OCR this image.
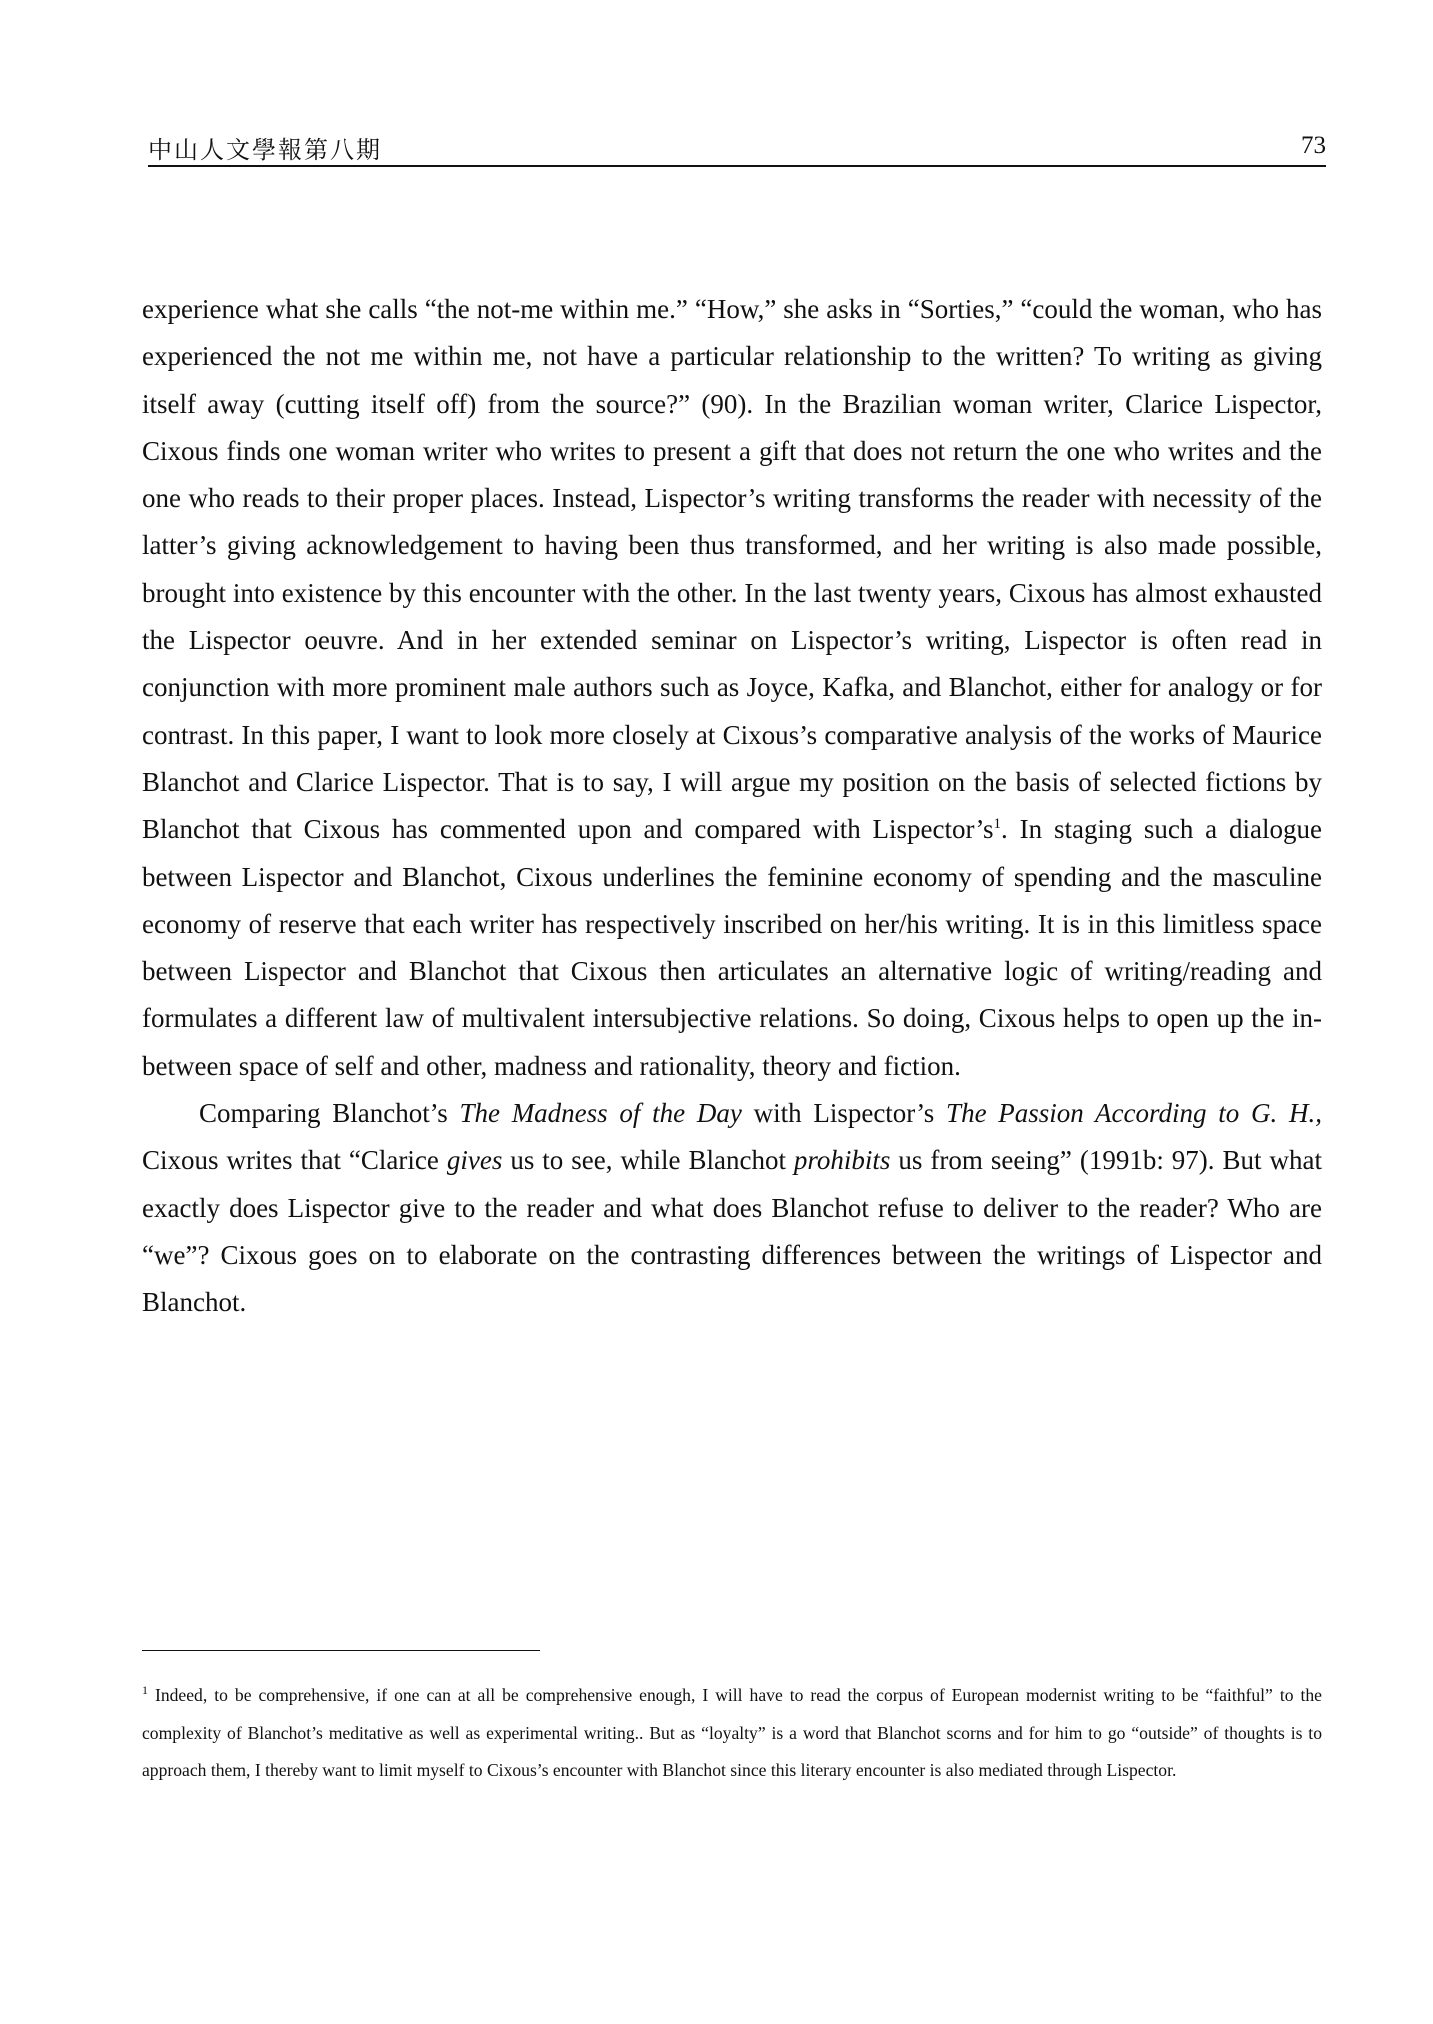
中山人文學報第八期	73

experience what she calls “the not-me within me.” “How,” she asks in “Sorties,” “could the woman, who has experienced the not me within me, not have a particular relationship to the written? To writing as giving itself away (cutting itself off) from the source?” (90). In the Brazilian woman writer, Clarice Lispector, Cixous finds one woman writer who writes to present a gift that does not return the one who writes and the one who reads to their proper places. Instead, Lispector’s writing transforms the reader with necessity of the latter’s giving acknowledgement to having been thus transformed, and her writing is also made possible, brought into existence by this encounter with the other. In the last twenty years, Cixous has almost exhausted the Lispector oeuvre. And in her extended seminar on Lispector’s writing, Lispector is often read in conjunction with more prominent male authors such as Joyce, Kafka, and Blanchot, either for analogy or for contrast. In this paper, I want to look more closely at Cixous’s comparative analysis of the works of Maurice Blanchot and Clarice Lispector. That is to say, I will argue my position on the basis of selected fictions by Blanchot that Cixous has commented upon and compared with $Lispector’s^1$. In staging such a dialogue between Lispector and Blanchot, Cixous underlines the feminine economy of spending and the masculine economy of reserve that each writer has respectively inscribed on her/his writing. It is in this limitless space between Lispector and Blanchot that Cixous then articulates an alternative logic of writing/reading and formulates a different law of multivalent intersubjective relations. So doing, Cixous helps to open up the in-between space of self and other, madness and rationality, theory and fiction.

Comparing Blanchot’s The Madness of the Day with Lispector’s The Passion According to G. H., Cixous writes that “Clarice gives us to see, while Blanchot prohibits us from seeing” (1991b: 97). But what exactly does Lispector give to the reader and what does Blanchot refuse to deliver to the reader? Who are “we”? Cixous goes on to elaborate on the contrasting differences between the writings of Lispector and Blanchot.

$^1$ Indeed, to be comprehensive, if one can at all be comprehensive enough, I will have to read the corpus of European modernist writing to be “faithful” to the complexity of Blanchot’s meditative as well as experimental writing.. But as “loyalty” is a word that Blanchot scorns and for him to go “outside” of thoughts is to approach them, I thereby want to limit myself to Cixous’s encounter with Blanchot since this literary encounter is also mediated through Lispector.
